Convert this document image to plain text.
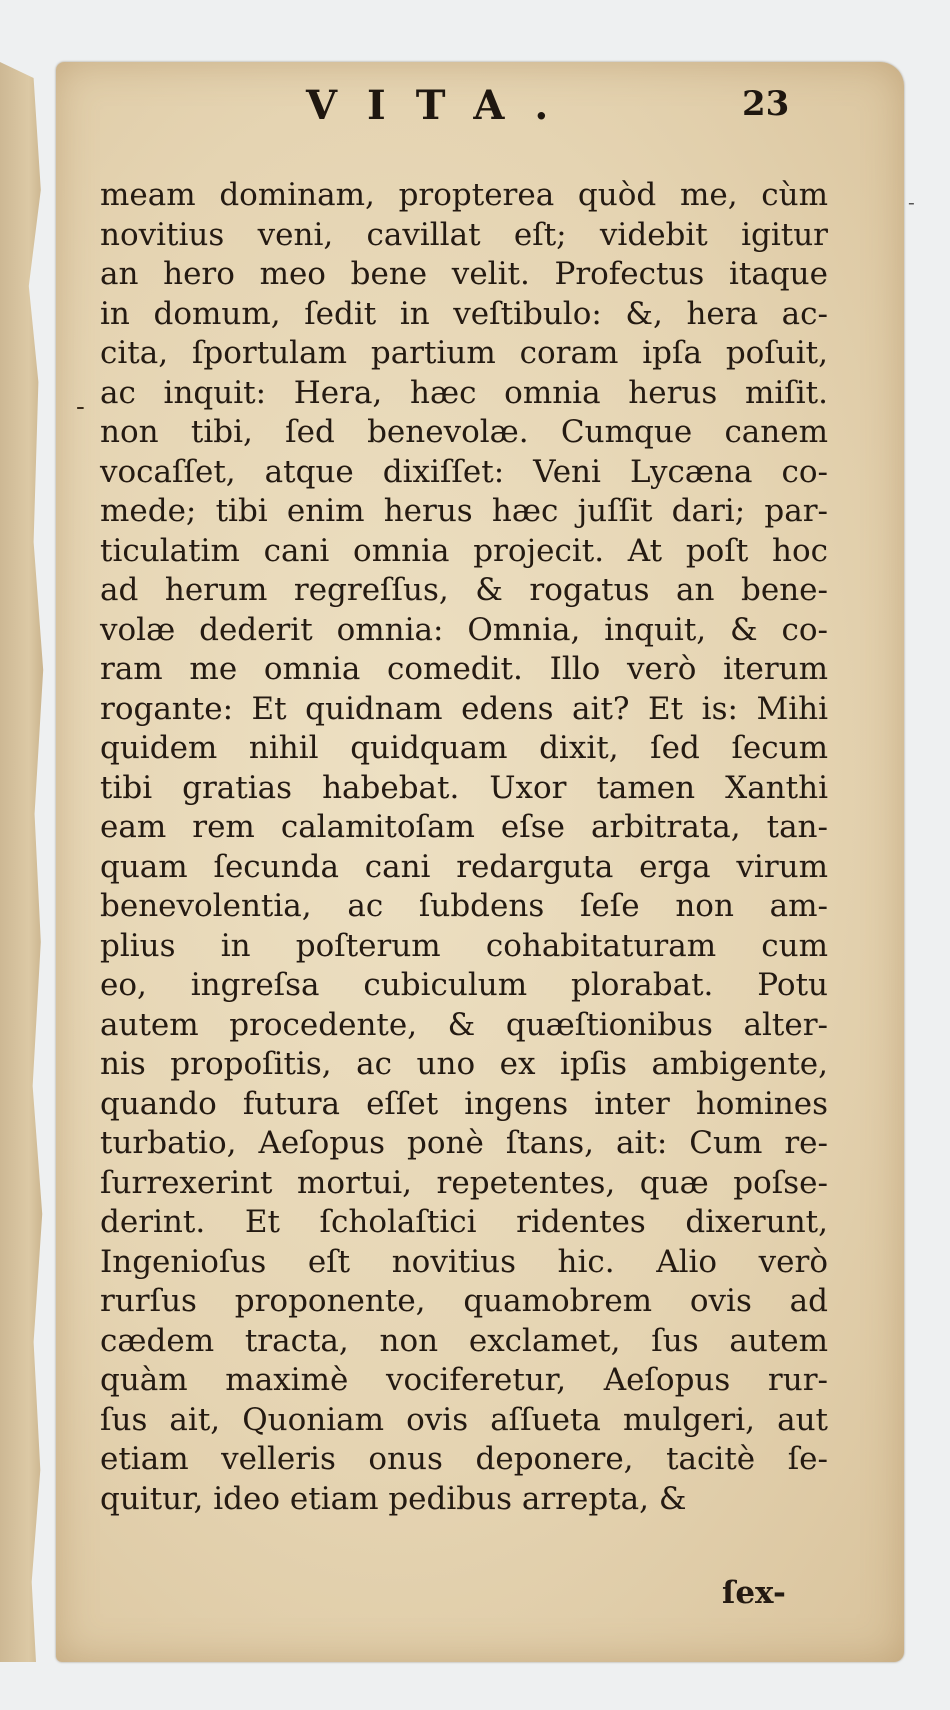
VITA.	23
-
-
meam dominam, propterea quòd me, cùm
novitius veni, cavillat eſt; videbit igitur
an hero meo bene velit. Profectus itaque
in domum, ſedit in veſtibulo: &, hera ac-
cita, ſportulam partium coram ipſa poſuit,
ac inquit: Hera, hæc omnia herus miſit.
non tibi, ſed benevolæ. Cumque canem
vocaſſet, atque dixiſſet: Veni Lycæna co-
mede; tibi enim herus hæc juſſit dari; par-
ticulatim cani omnia projecit. At poſt hoc
ad herum regreſſus, & rogatus an bene-
volæ dederit omnia: Omnia, inquit, & co-
ram me omnia comedit. Illo verò iterum
rogante: Et quidnam edens ait? Et is: Mihi
quidem nihil quidquam dixit, ſed ſecum
tibi gratias habebat. Uxor tamen Xanthi
eam rem calamitoſam eſse arbitrata, tan-
quam ſecunda cani redarguta erga virum
benevolentia, ac ſubdens ſeſe non am-
plius in poſterum cohabitaturam cum
eo, ingreſsa cubiculum plorabat. Potu
autem procedente, & quæſtionibus alter-
nis propoſitis, ac uno ex ipſis ambigente,
quando futura eſſet ingens inter homines
turbatio, Aeſopus ponè ſtans, ait: Cum re-
ſurrexerint mortui, repetentes, quæ poſse-
derint. Et ſcholaſtici ridentes dixerunt,
Ingenioſus eſt novitius hic. Alio verò
rurſus proponente, quamobrem ovis ad
cædem tracta, non exclamet, ſus autem
quàm maximè vociferetur, Aeſopus rur-
ſus ait, Quoniam ovis aſſueta mulgeri, aut
etiam velleris onus deponere, tacitè ſe-
quitur, ideo etiam pedibus arrepta, &
ſex-
